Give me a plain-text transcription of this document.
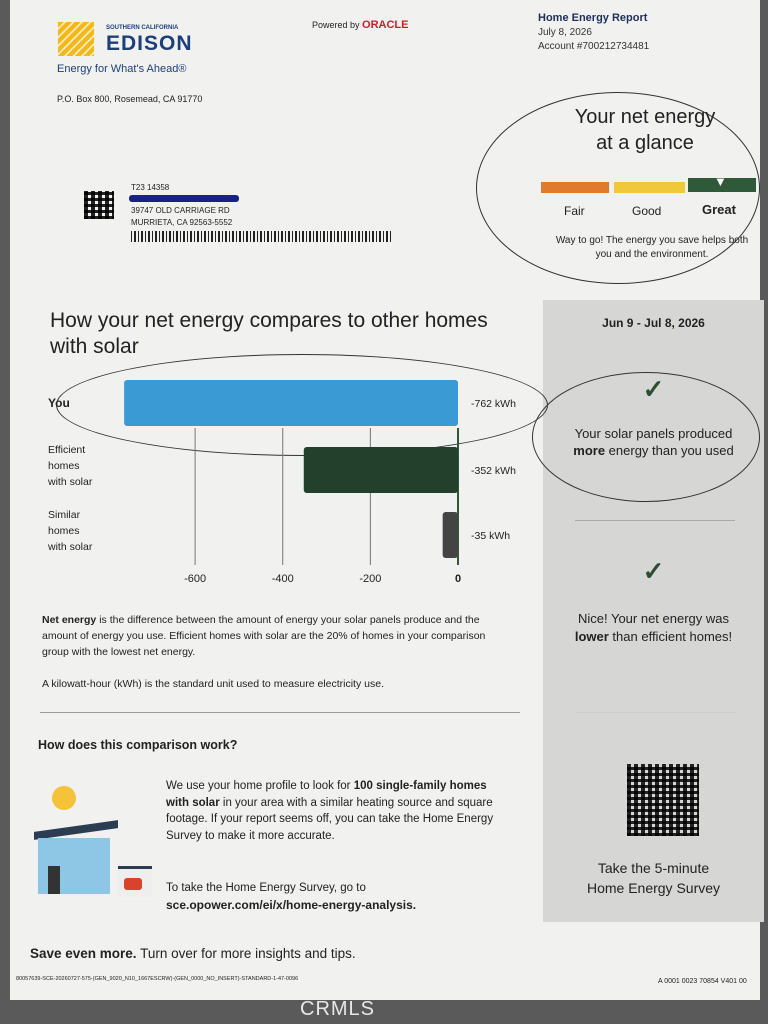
SOUTHERN CALIFORNIA
EDISON
Energy for What's Ahead®
P.O. Box 800, Rosemead, CA 91770
Powered by ORACLE
Home Energy Report
July 8, 2026
Account #700212734481
T23 14358
39747 OLD CARRIAGE RD
MURRIETA, CA 92563-5552
Your net energy
at a glance
▼
Fair	Good	Great
Way to go! The energy you save helps both you and the environment.
Jun 9 - Jul 8, 2026
✓
Your solar panels produced more energy than you used
✓
Nice! Your net energy was lower than efficient homes!
Take the 5-minute
Home Energy Survey
How your net energy compares to other homes with solar
-600	-400	-200	0
-762 kWh
You
-352 kWh
Efficient homes with solar
-35 kWh
Similar homes with solar
Net energy is the difference between the amount of energy your solar panels produce and the amount of energy you use. Efficient homes with solar are the 20% of homes in your comparison group with the lowest net energy.
A kilowatt-hour (kWh) is the standard unit used to measure electricity use.
How does this comparison work?
We use your home profile to look for 100 single-family homes with solar in your area with a similar heating source and square footage. If your report seems off, you can take the Home Energy Survey to make it more accurate.
To take the Home Energy Survey, go to
sce.opower.com/ei/x/home-energy-analysis.
Save even more. Turn over for more insights and tips.
80057639-SCE-20260727-575-(GEN_9020_N10_1667ESCRW)-(GEN_0000_NO_INSERT)-STANDARD-1-47-0096	A 0001 0023 70854 V401 00
CRMLS
